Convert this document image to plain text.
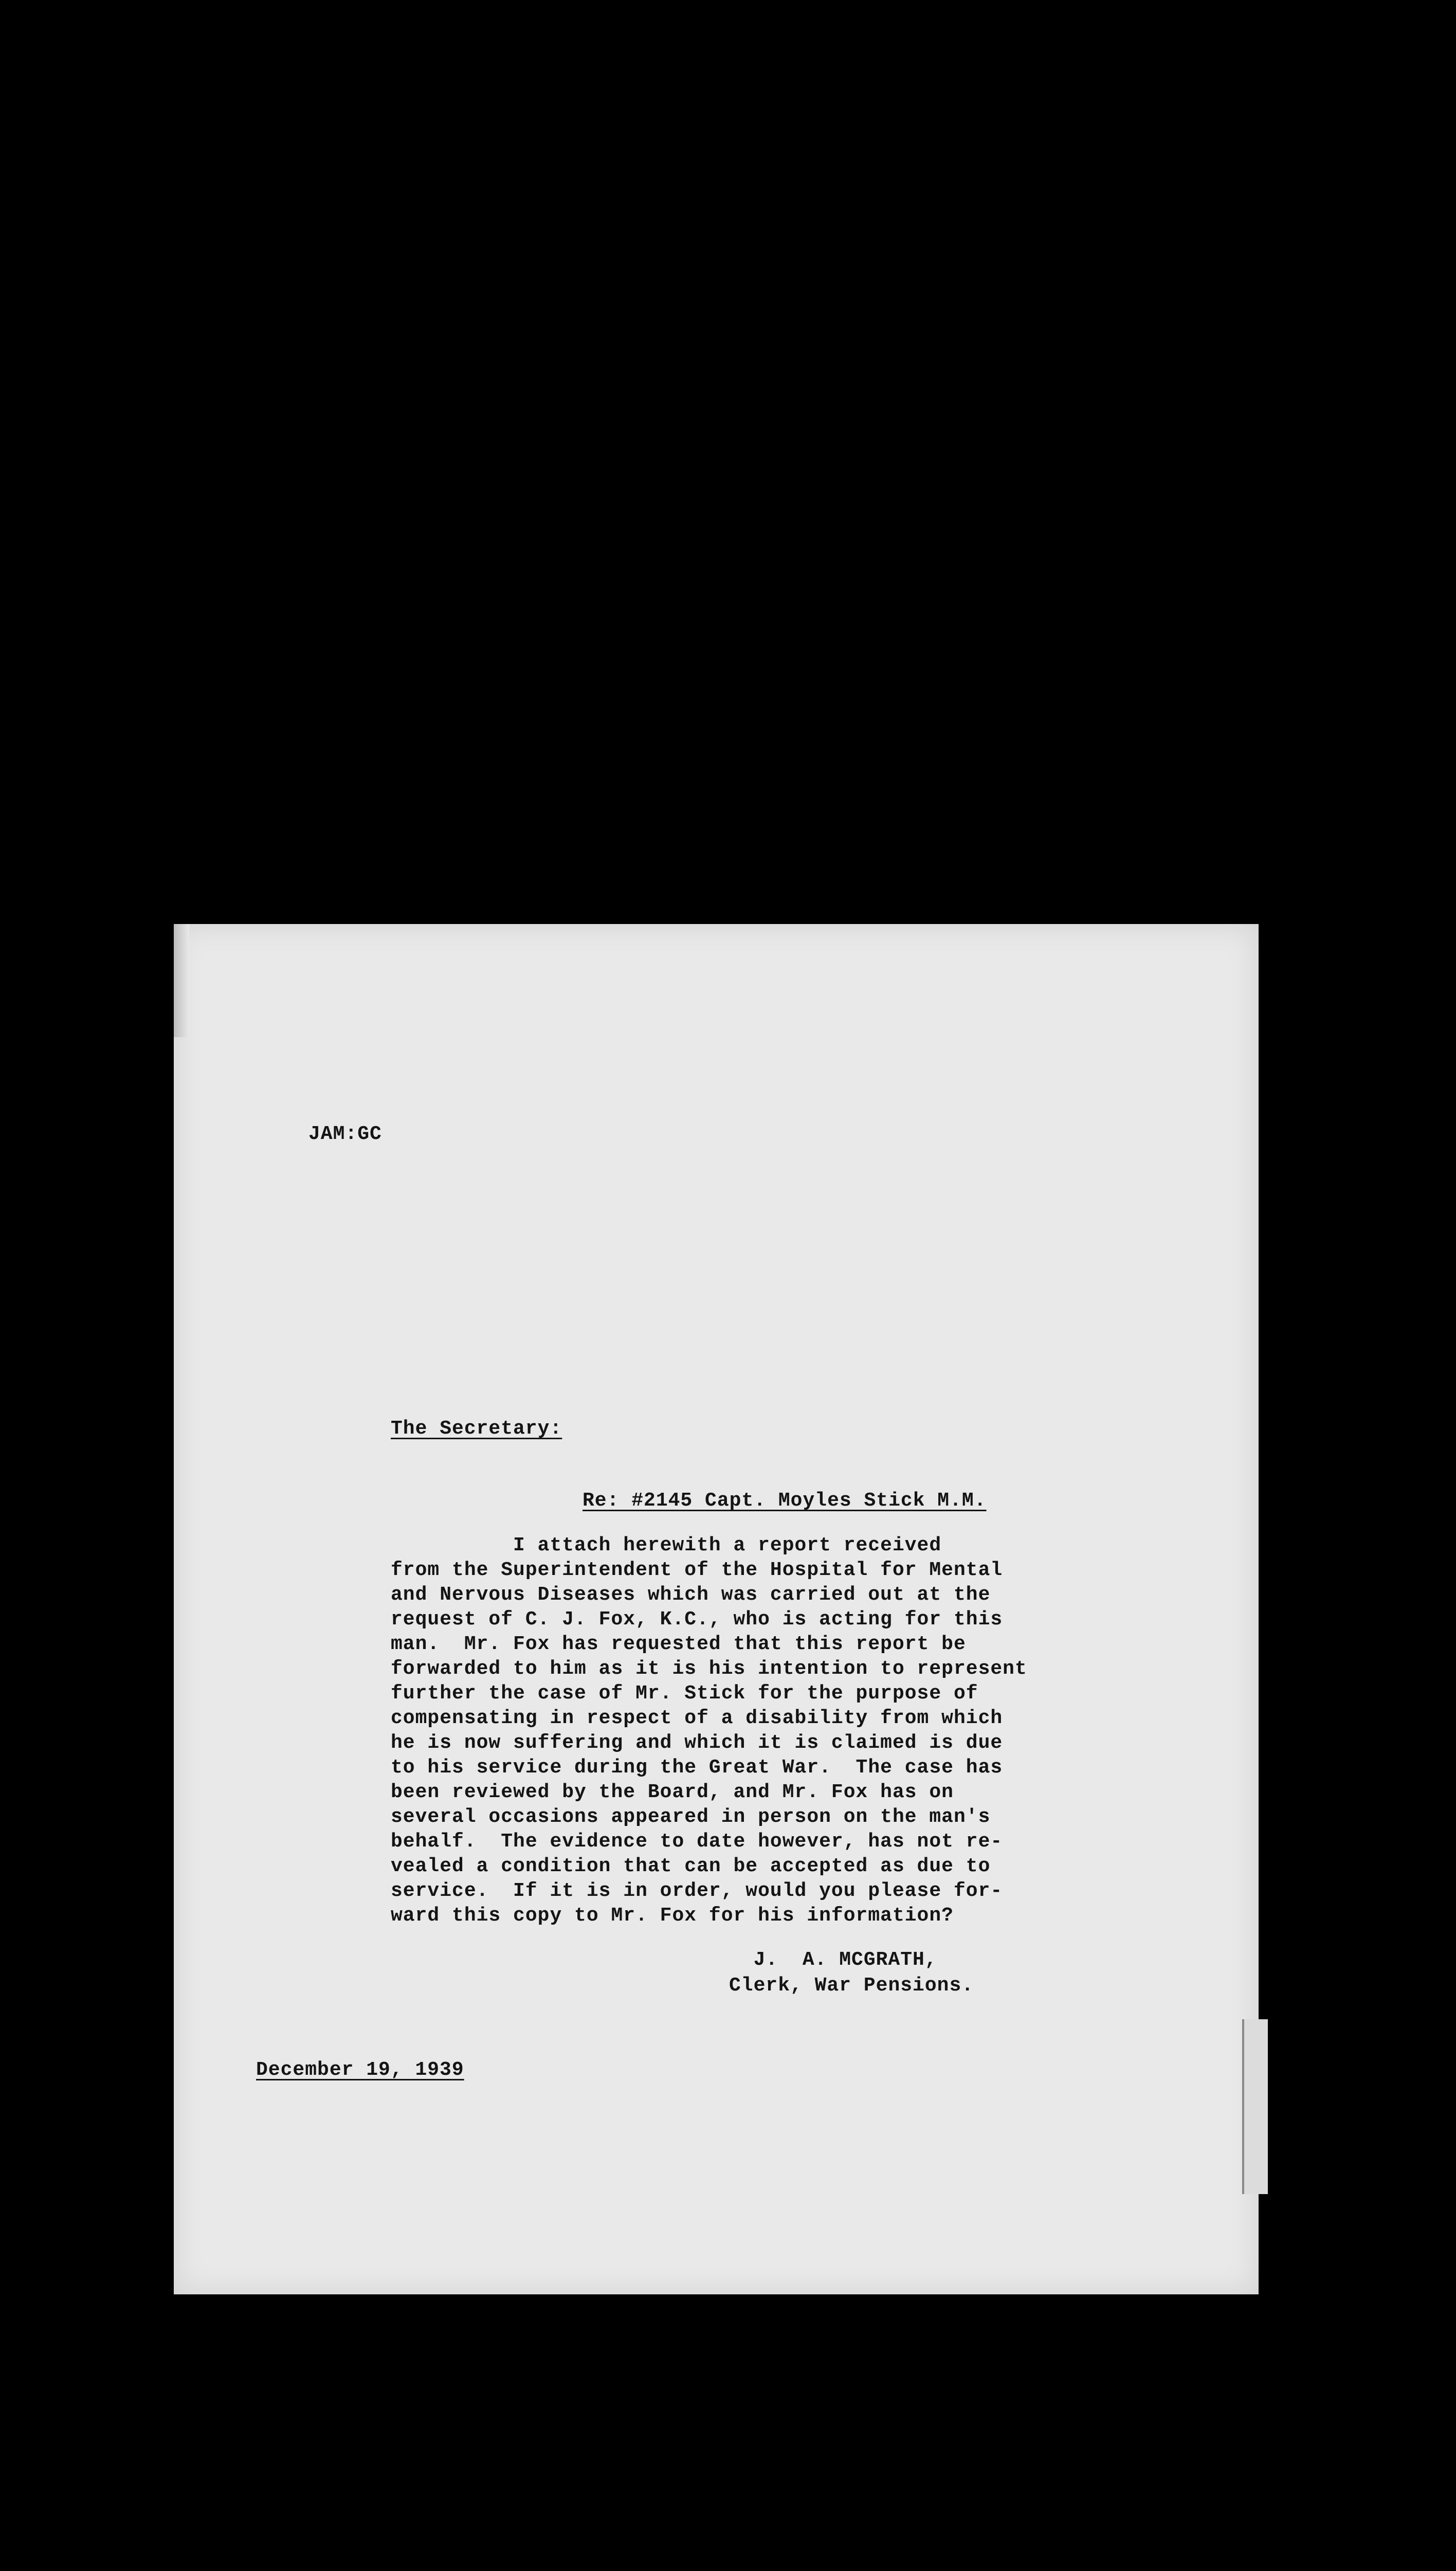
JAM:GC
The Secretary:
Re: #2145 Capt. Moyles Stick M.M.
I attach herewith a report received
from the Superintendent of the Hospital for Mental
and Nervous Diseases which was carried out at the
request of C. J. Fox, K.C., who is acting for this
man.  Mr. Fox has requested that this report be
forwarded to him as it is his intention to represent
further the case of Mr. Stick for the purpose of
compensating in respect of a disability from which
he is now suffering and which it is claimed is due
to his service during the Great War.  The case has
been reviewed by the Board, and Mr. Fox has on
several occasions appeared in person on the man's
behalf.  The evidence to date however, has not re-
vealed a condition that can be accepted as due to
service.  If it is in order, would you please for-
ward this copy to Mr. Fox for his information?
J.  A. MCGRATH,
Clerk, War Pensions.
December 19, 1939
